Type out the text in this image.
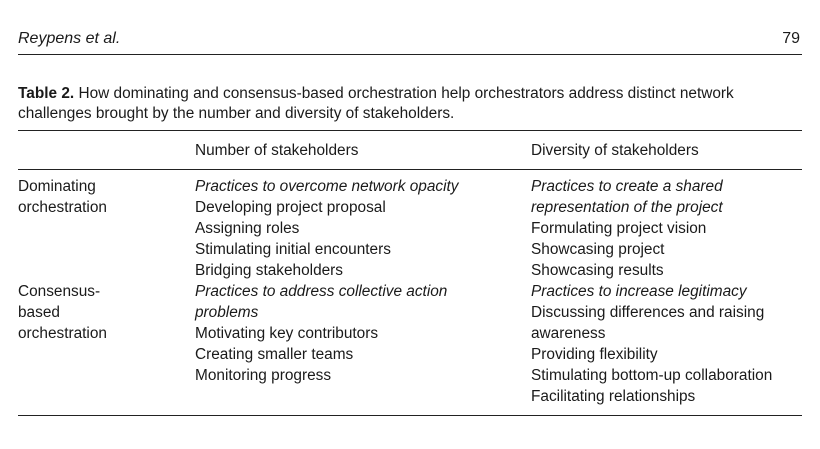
Reypens et al.	79
Table 2. How dominating and consensus-based orchestration help orchestrators address distinct network challenges brought by the number and diversity of stakeholders.
Number of stakeholders	Diversity of stakeholders
Dominating
orchestration
Practices to overcome network opacity
Developing project proposal
Assigning roles
Stimulating initial encounters
Bridging stakeholders
Practices to create a shared
representation of the project
Formulating project vision
Showcasing project
Showcasing results
Consensus-
based
orchestration
Practices to address collective action
problems
Motivating key contributors
Creating smaller teams
Monitoring progress
Practices to increase legitimacy
Discussing differences and raising
awareness
Providing flexibility
Stimulating bottom-up collaboration
Facilitating relationships
